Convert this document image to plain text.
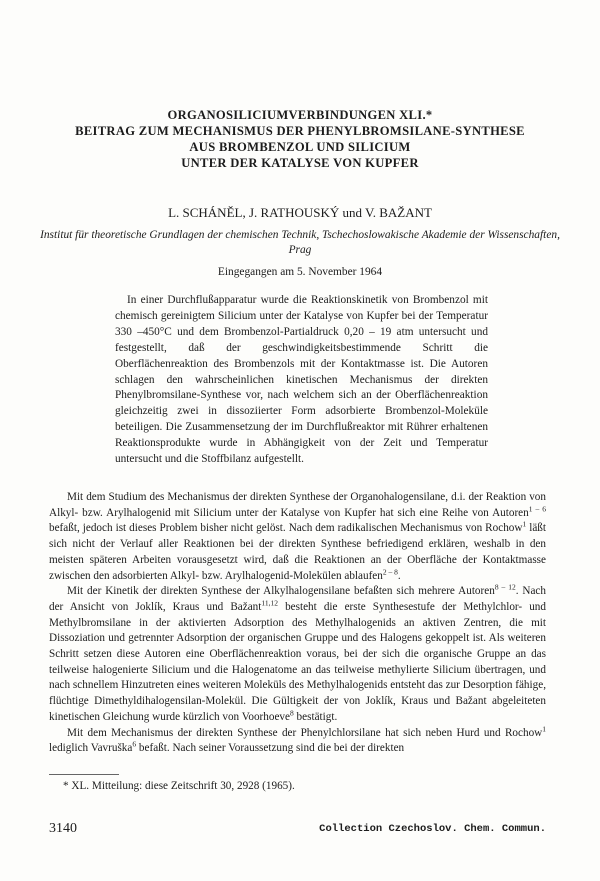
ORGANOSILICIUMVERBINDUNGEN XLI.*
BEITRAG ZUM MECHANISMUS DER PHENYLBROMSILANE-SYNTHESE
AUS BROMBENZOL UND SILICIUM
UNTER DER KATALYSE VON KUPFER
L. SCHÁNĚL, J. RATHOUSKÝ und V. BAŽANT
Institut für theoretische Grundlagen der chemischen Technik, Tschechoslowakische Akademie der Wissenschaften, Prag
Eingegangen am 5. November 1964

In einer Durchflußapparatur wurde die Reaktionskinetik von Brombenzol mit chemisch gereinigtem Silicium unter der Katalyse von Kupfer bei der Temperatur 330 –450°C und dem Brombenzol-Partialdruck 0,20 – 19 atm untersucht und festgestellt, daß der geschwindigkeitsbestimmende Schritt die Oberflächenreaktion des Brombenzols mit der Kontaktmasse ist. Die Autoren schlagen den wahrscheinlichen kinetischen Mechanismus der direkten Phenylbromsilane-Synthese vor, nach welchem sich an der Oberflächenreaktion gleichzeitig zwei in dissoziierter Form adsorbierte Brombenzol-Moleküle beteiligen. Die Zusammensetzung der im Durchflußreaktor mit Rührer erhaltenen Reaktionsprodukte wurde in Abhängigkeit von der Zeit und Temperatur untersucht und die Stoffbilanz aufgestellt.

Mit dem Studium des Mechanismus der direkten Synthese der Organohalogensilane, d.i. der Reaktion von Alkyl- bzw. Arylhalogenid mit Silicium unter der Katalyse von Kupfer hat sich eine Reihe von Autoren$^{1 - 6}$ befaßt, jedoch ist dieses Problem bisher nicht gelöst. Nach dem radikalischen Mechanismus von Rochow$^1$ läßt sich nicht der Verlauf aller Reaktionen bei der direkten Synthese befriedigend erklären, weshalb in den meisten späteren Arbeiten vorausgesetzt wird, daß die Reaktionen an der Oberfläche der Kontaktmasse zwischen den adsorbierten Alkyl- bzw. Arylhalogenid-Molekülen ablaufen$^{2 - 8}$.

Mit der Kinetik der direkten Synthese der Alkylhalogensilane befaßten sich mehrere Autoren$^{8 - 12}$. Nach der Ansicht von Joklík, Kraus und Bažant$^{11,12}$ besteht die erste Synthesestufe der Methylchlor- und Methylbromsilane in der aktivierten Adsorption des Methylhalogenids an aktiven Zentren, die mit Dissoziation und getrennter Adsorption der organischen Gruppe und des Halogens gekoppelt ist. Als weiteren Schritt setzen diese Autoren eine Oberflächenreaktion voraus, bei der sich die organische Gruppe an das teilweise halogenierte Silicium und die Halogenatome an das teilweise methylierte Silicium übertragen, und nach schnellem Hinzutreten eines weiteren Moleküls des Methylhalogenids entsteht das zur Desorption fähige, flüchtige Dimethyldihalogensilan-Molekül. Die Gültigkeit der von Joklík, Kraus und Bažant abgeleiteten kinetischen Gleichung wurde kürzlich von Voorhoeve$^8$ bestätigt.

Mit dem Mechanismus der direkten Synthese der Phenylchlorsilane hat sich neben Hurd und Rochow$^1$ lediglich Vavruška$^6$ befaßt. Nach seiner Voraussetzung sind die bei der direkten

* XL. Mitteilung: diese Zeitschrift 30, 2928 (1965).
3140	Collection Czechoslov. Chem. Commun.
